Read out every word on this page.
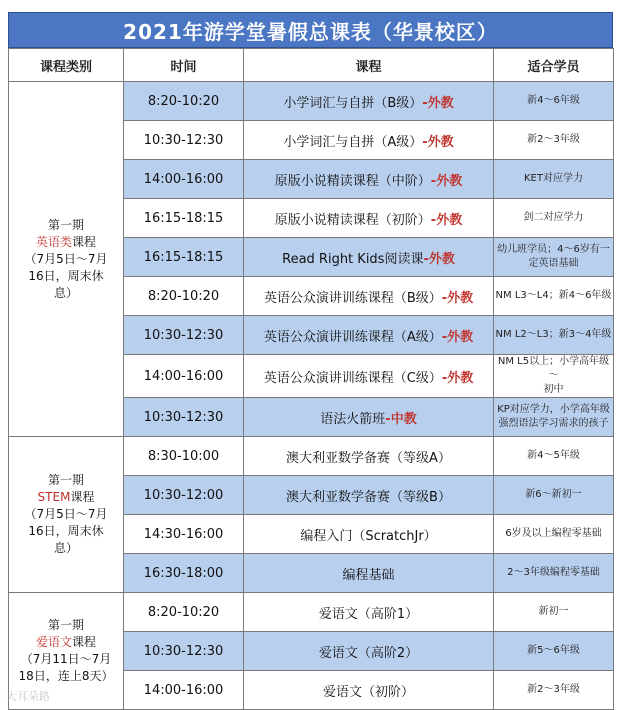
2021年游学堂暑假总课表（华景校区）
课程类别	时间	课程	适合学员

第一期
英语类课程
（7月5日～7月
16日，周末休
息）	8:20-10:20	小学词汇与自拼（B级）-外教	新4～6年级

	10:30-12:30	小学词汇与自拼（A级）-外教	新2～3年级

	14:00-16:00	原版小说精读课程（中阶）-外教	KET对应学力

	16:15-18:15	原版小说精读课程（初阶）-外教	剑二对应学力

	16:15-18:15	Read Right Kids阅读课-外教	幼儿班学员；4～6岁有一
定英语基础

	8:20-10:20	英语公众演讲训练课程（B级）-外教	NM L3～L4；新4～6年级

	10:30-12:30	英语公众演讲训练课程（A级）-外教	NM L2～L3；新3～4年级

	14:00-16:00	英语公众演讲训练课程（C级）-外教	NM L5以上；小学高年级～
初中

	10:30-12:30	语法火箭班-中教	KP对应学力，小学高年级
强烈语法学习需求的孩子

第一期
STEM课程
（7月5日～7月
16日，周末休
息）	8:30-10:00	澳大利亚数学备赛（等级A）	新4～5年级

	10:30-12:00	澳大利亚数学备赛（等级B）	新6～新初一

	14:30-16:00	编程入门（ScratchJr）	6岁及以上编程零基础

	16:30-18:00	编程基础	2～3年级编程零基础

第一期
爱语文课程
（7月11日～7月
18日，连上8天）	8:20-10:20	爱语文（高阶1）	新初一

	10:30-12:30	爱语文（高阶2）	新5～6年级

	14:00-16:00	爱语文（初阶）	新2～3年级
大耳朵路
